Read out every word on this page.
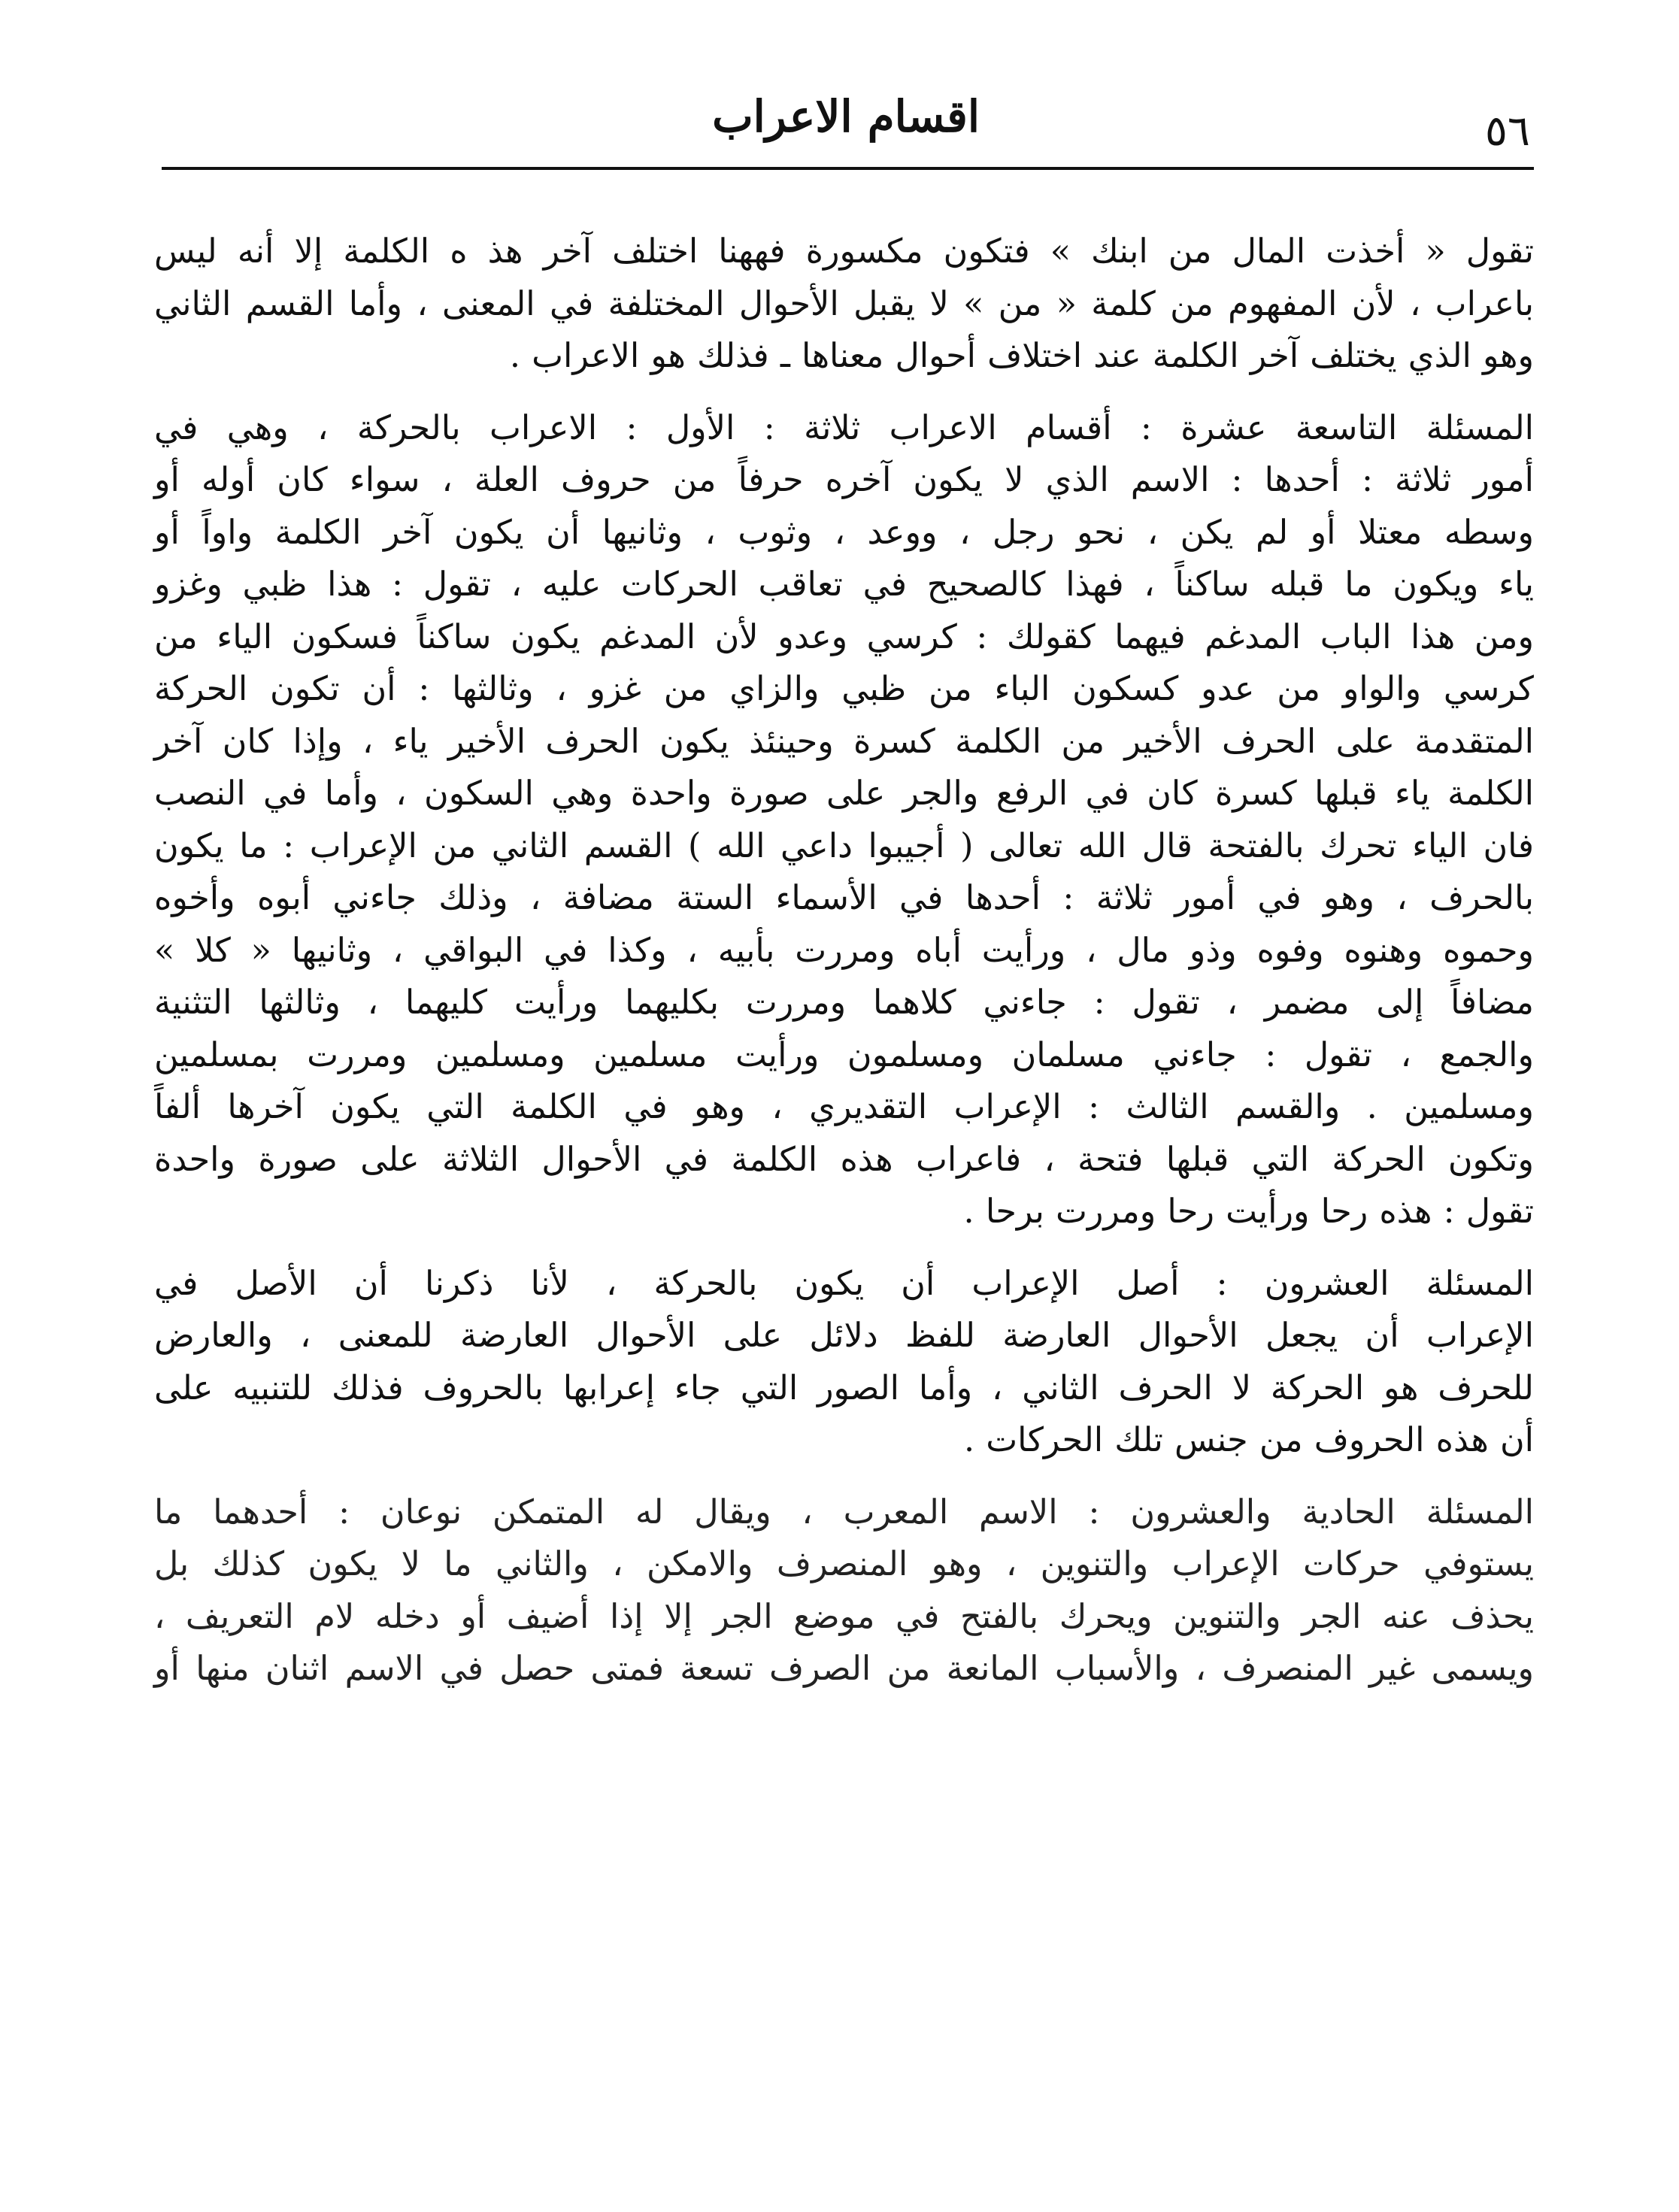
٥٦
اقسام الاعراب

تقول « أخذت المال من ابنك » فتكون مكسورة فههنا اختلف آخر هذ ه الكلمة إلا أنه ليس
باعراب ، لأن المفهوم من كلمة « من » لا يقبل الأحوال المختلفة في المعنى ، وأما القسم الثاني
وهو الذي يختلف آخر الكلمة عند اختلاف أحوال معناها ـ فذلك هو الاعراب .

المسئلة التاسعة عشرة : أقسام الاعراب ثلاثة : الأول : الاعراب بالحركة ، وهي في
أمور ثلاثة : أحدها : الاسم الذي لا يكون آخره حرفاً من حروف العلة ، سواء كان أوله أو
وسطه معتلا أو لم يكن ، نحو رجل ، ووعد ، وثوب ، وثانيها أن يكون آخر الكلمة واواً أو
ياء ويكون ما قبله ساكناً ، فهذا كالصحيح في تعاقب الحركات عليه ، تقول : هذا ظبي وغزو
ومن هذا الباب المدغم فيهما كقولك : كرسي وعدو لأن المدغم يكون ساكناً فسكون الياء من
كرسي والواو من عدو كسكون الباء من ظبي والزاي من غزو ، وثالثها : أن تكون الحركة
المتقدمة على الحرف الأخير من الكلمة كسرة وحينئذ يكون الحرف الأخير ياء ، وإذا كان آخر
الكلمة ياء قبلها كسرة كان في الرفع والجر على صورة واحدة وهي السكون ، وأما في النصب
فان الياء تحرك بالفتحة قال الله تعالى ( أجيبوا داعي الله ) القسم الثاني من الإعراب : ما يكون
بالحرف ، وهو في أمور ثلاثة : أحدها في الأسماء الستة مضافة ، وذلك جاءني أبوه وأخوه
وحموه وهنوه وفوه وذو مال ، ورأيت أباه ومررت بأبيه ، وكذا في البواقي ، وثانيها « كلا »
مضافاً إلى مضمر ، تقول : جاءني كلاهما ومررت بكليهما ورأيت كليهما ، وثالثها التثنية
والجمع ، تقول : جاءني مسلمان ومسلمون ورأيت مسلمين ومسلمين ومررت بمسلمين
ومسلمين . والقسم الثالث : الإعراب التقديري ، وهو في الكلمة التي يكون آخرها ألفاً
وتكون الحركة التي قبلها فتحة ، فاعراب هذه الكلمة في الأحوال الثلاثة على صورة واحدة
تقول : هذه رحا ورأيت رحا ومررت برحا .

المسئلة العشرون : أصل الإعراب أن يكون بالحركة ، لأنا ذكرنا أن الأصل في
الإعراب أن يجعل الأحوال العارضة للفظ دلائل على الأحوال العارضة للمعنى ، والعارض
للحرف هو الحركة لا الحرف الثاني ، وأما الصور التي جاء إعرابها بالحروف فذلك للتنبيه على
أن هذه الحروف من جنس تلك الحركات .

المسئلة الحادية والعشرون : الاسم المعرب ، ويقال له المتمكن نوعان : أحدهما ما
يستوفي حركات الإعراب والتنوين ، وهو المنصرف والامكن ، والثاني ما لا يكون كذلك بل
يحذف عنه الجر والتنوين ويحرك بالفتح في موضع الجر إلا إذا أضيف أو دخله لام التعريف ،
ويسمى غير المنصرف ، والأسباب المانعة من الصرف تسعة فمتى حصل في الاسم اثنان منها أو
